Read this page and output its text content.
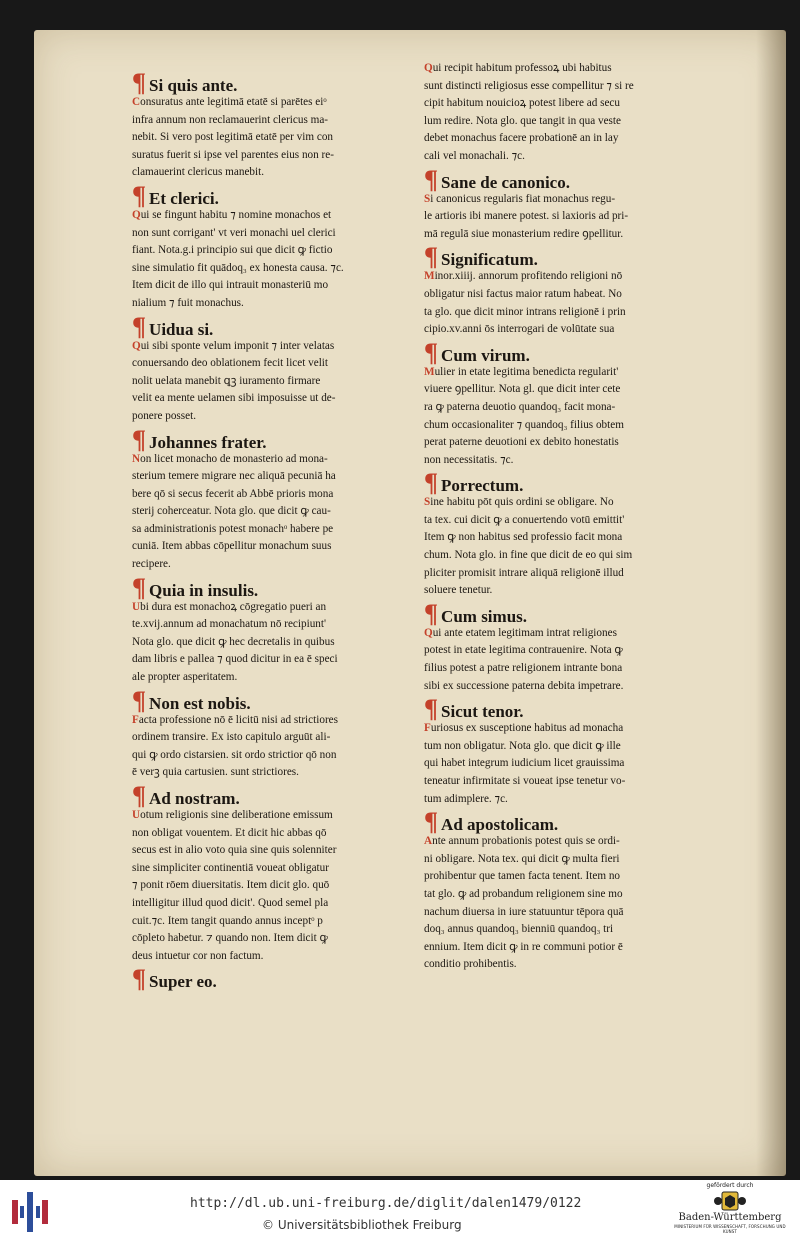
¶ Si quis ante.

Consuratus ante legitimā etatē si parētes eiᵒ

infra annum non reclamauerint clericus ma-

nebit. Si vero post legitimā etatē per vim con

suratus fuerit si ipse vel parentes eius non re-

clamauerint clericus manebit.

¶ Et clerici.

Qui se fingunt habitu ⁊ nomine monachos et

non sunt corrigant' vt veri monachi uel clerici

fiant. Nota.g.i principio sui que dicit ꝙ fictio

sine simulatio fit quādoq₃ ex honesta causa. ⁊c.

Item dicit de illo qui intrauit monasteriū mo

nialium ⁊ fuit monachus.

¶ Uidua si.

Qui sibi sponte velum imponit ⁊ inter velatas

conuersando deo oblationem fecit licet velit

nolit uelata manebit ꝗꝫ iuramento firmare

velit ea mente uelamen sibi imposuisse ut de-

ponere posset.

¶ Johannes frater.

Non licet monacho de monasterio ad mona-

sterium temere migrare nec aliquā pecuniā ha

bere qō si secus fecerit ab Abbē prioris mona

sterij coherceatur. Nota glo. que dicit ꝙ cau-

sa administrationis potest monachᵒ habere pe

cuniā. Item abbas cōpellitur monachum suus

recipere.

¶ Quia in insulis.

Ubi dura est monachoꝝ cōgregatio pueri an

te.xvij.annum ad monachatum nō recipiunt'

Nota glo. que dicit ꝙ hec decretalis in quibus

dam libris e pallea ⁊ quod dicitur in ea ē speci

ale propter asperitatem.

¶ Non est nobis.

Facta professione nō ē licitū nisi ad strictiores

ordinem transire. Ex isto capitulo arguūt ali-

qui ꝙ ordo cistarsien. sit ordo strictior qō non

ē verꝫ quia cartusien. sunt strictiores.

¶ Ad nostram.

Uotum religionis sine deliberatione emissum

non obligat vouentem. Et dicit hic abbas qō

secus est in alio voto quia sine quis solenniter

sine simpliciter continentiā voueat obligatur

⁊ ponit rōem diuersitatis. Item dicit glo. quō

intelligitur illud quod dicit'. Quod semel pla

cuit.⁊c. Item tangit quando annus inceptᵒ p

cōpleto habetur. ⁊ quando non. Item dicit ꝙ

deus intuetur cor non factum.

¶ Super eo.

Qui recipit habitum professoꝝ ubi habitus

sunt distincti religiosus esse compellitur ⁊ si re

cipit habitum nouicioꝝ potest libere ad secu

lum redire. Nota glo. que tangit in qua veste

debet monachus facere probationē an in lay

cali vel monachali. ⁊c.

¶ Sane de canonico.

Si canonicus regularis fiat monachus regu-

le artioris ibi manere potest. si laxioris ad pri-

mā regulā siue monasterium redire ꝯpellitur.

¶ Significatum.

Minor.xiiij. annorum profitendo religioni nō

obligatur nisi factus maior ratum habeat. No

ta glo. que dicit minor intrans religionē i prin

cipio.xv.anni ōs interrogari de volūtate sua

¶ Cum virum.

Mulier in etate legitima benedicta regularit'

viuere ꝯpellitur. Nota gl. que dicit inter cete

ra ꝙ paterna deuotio quandoq₃ facit mona-

chum occasionaliter ⁊ quandoq₃ filius obtem

perat paterne deuotioni ex debito honestatis

non necessitatis. ⁊c.

¶ Porrectum.

Sine habitu pōt quis ordini se obligare. No

ta tex. cui dicit ꝙ a conuertendo votū emittit'

Item ꝙ non habitus sed professio facit mona

chum. Nota glo. in fine que dicit de eo qui sim

pliciter promisit intrare aliquā religionē illud

soluere tenetur.

¶ Cum simus.

Qui ante etatem legitimam intrat religiones

potest in etate legitima contrauenire. Nota ꝙ

filius potest a patre religionem intrante bona

sibi ex successione paterna debita impetrare.

¶ Sicut tenor.

Furiosus ex susceptione habitus ad monacha

tum non obligatur. Nota glo. que dicit ꝙ ille

qui habet integrum iudicium licet grauissima

teneatur infirmitate si voueat ipse tenetur vo-

tum adimplere. ⁊c.

¶ Ad apostolicam.

Ante annum probationis potest quis se ordi-

ni obligare. Nota tex. qui dicit ꝙ multa fieri

prohibentur que tamen facta tenent. Item no

tat glo. ꝙ ad probandum religionem sine mo

nachum diuersa in iure statuuntur tēpora quā

doq₃ annus quandoq₃ bienniū quandoq₃ tri

ennium. Item dicit ꝙ in re communi potior ē

conditio prohibentis.

http://dl.ub.uni-freiburg.de/diglit/dalen1479/0122
© Universitätsbibliothek Freiburg
gefördert durch
Baden-Württemberg
MINISTERIUM FÜR WISSENSCHAFT, FORSCHUNG UND KUNST
